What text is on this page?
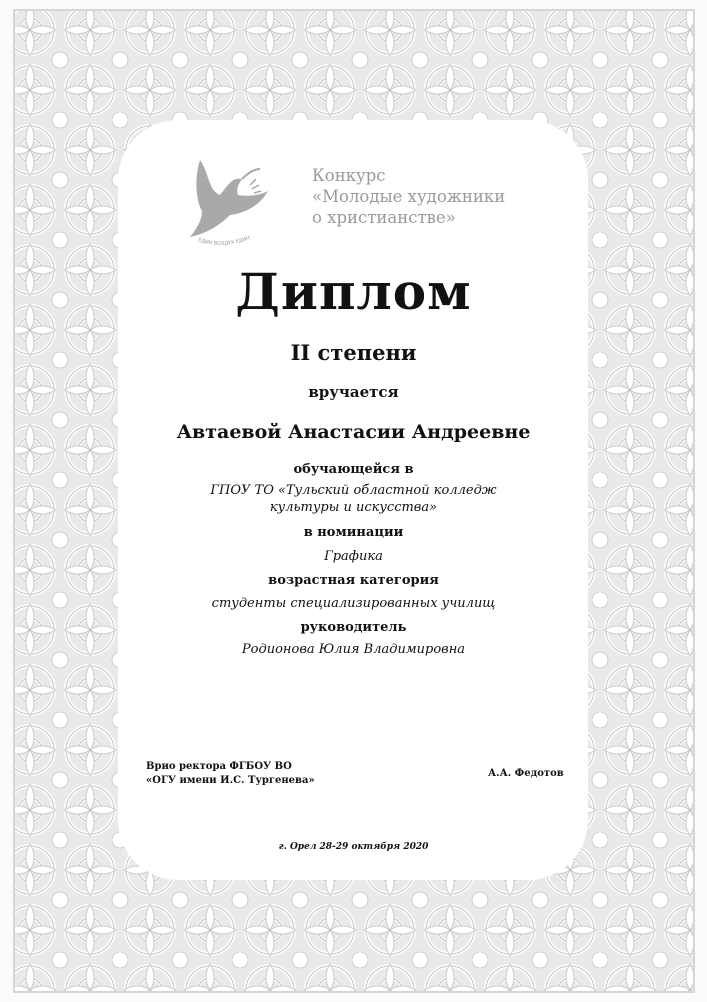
ЕДИН ВОЗДУХ ЕДИН
Конкурс
«Молодые художники
о христианстве»
Диплом
II степени
вручается
Автаевой Анастасии Андреевне
обучающейся в
ГПОУ ТО «Тульский областной колледж
культуры и искусства»
в номинации
Графика
возрастная категория
студенты специализированных училищ
руководитель
Родионова Юлия Владимировна
Врио ректора ФГБОУ ВО
«ОГУ имени И.С. Тургенева»
А.А. Федотов
г. Орел 28-29 октября 2020
